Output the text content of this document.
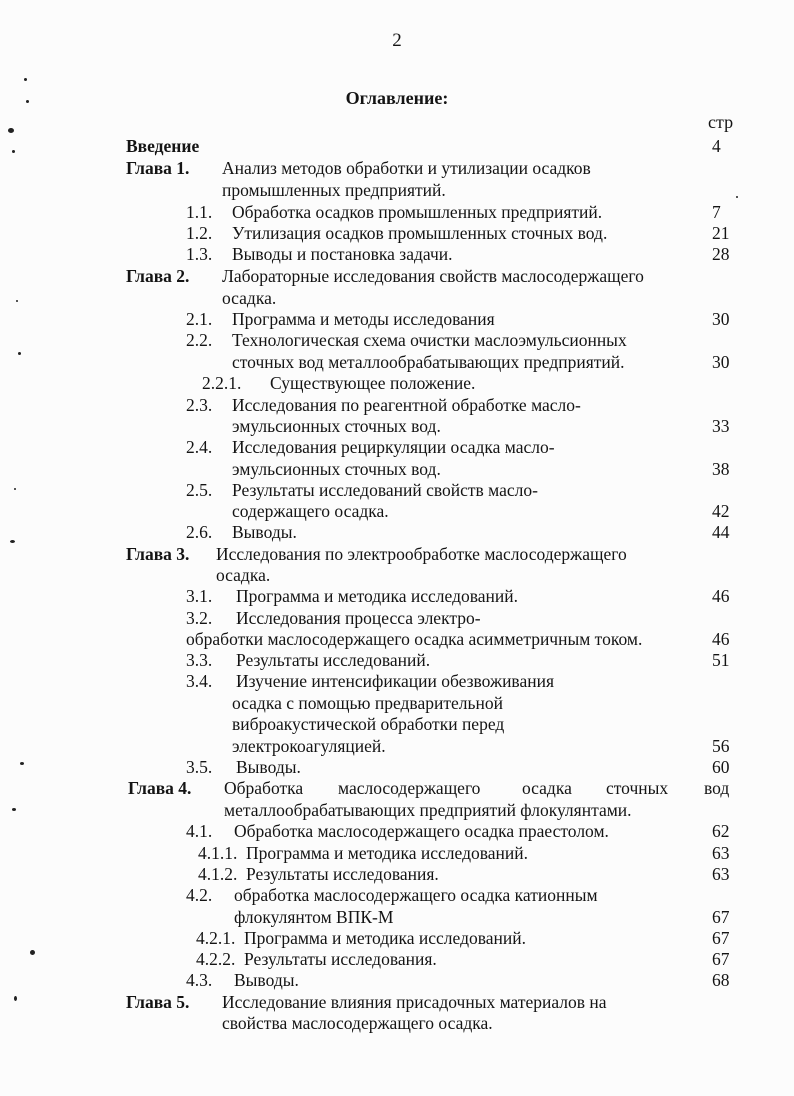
2
Оглавление:
стр
Введение	4
Глава 1. Анализ методов обработки и утилизации осадков
промышленных предприятий.
1.1. Обработка осадков промышленных предприятий.	7
1.2. Утилизация осадков промышленных сточных вод.	21
1.3. Выводы и постановка задачи.	28
Глава 2. Лабораторные исследования свойств маслосодержащего
осадка.
2.1. Программа и методы исследования	30
2.2. Технологическая схема очистки маслоэмульсионных
сточных вод металлообрабатывающих предприятий.	30
2.2.1. Существующее положение.
2.3. Исследования по реагентной обработке масло-
эмульсионных сточных вод.	33
2.4. Исследования рециркуляции осадка масло-
эмульсионных сточных вод.	38
2.5. Результаты исследований свойств масло-
содержащего осадка.	42
2.6. Выводы.	44
Глава 3. Исследования по электрообработке маслосодержащего
осадка.
3.1. Программа и методика исследований.	46
3.2. Исследования процесса электро-
обработки маслосодержащего осадка асимметричным током.	46
3.3. Результаты исследований.	51
3.4. Изучение интенсификации обезвоживания
осадка с помощью предварительной
виброакустической обработки перед
электрокоагуляцией.	56
3.5. Выводы.	60
Глава 4. Обработка маслосодержащего осадка сточных вод
металлообрабатывающих предприятий флокулянтами.
4.1. Обработка маслосодержащего осадка праестолом.	62
4.1.1. Программа и методика исследований.	63
4.1.2. Результаты исследования.	63
4.2. обработка маслосодержащего осадка катионным
флокулянтом ВПК-М	67
4.2.1. Программа и методика исследований.	67
4.2.2. Результаты исследования.	67
4.3. Выводы.	68
Глава 5. Исследование влияния присадочных материалов на
свойства маслосодержащего осадка.
